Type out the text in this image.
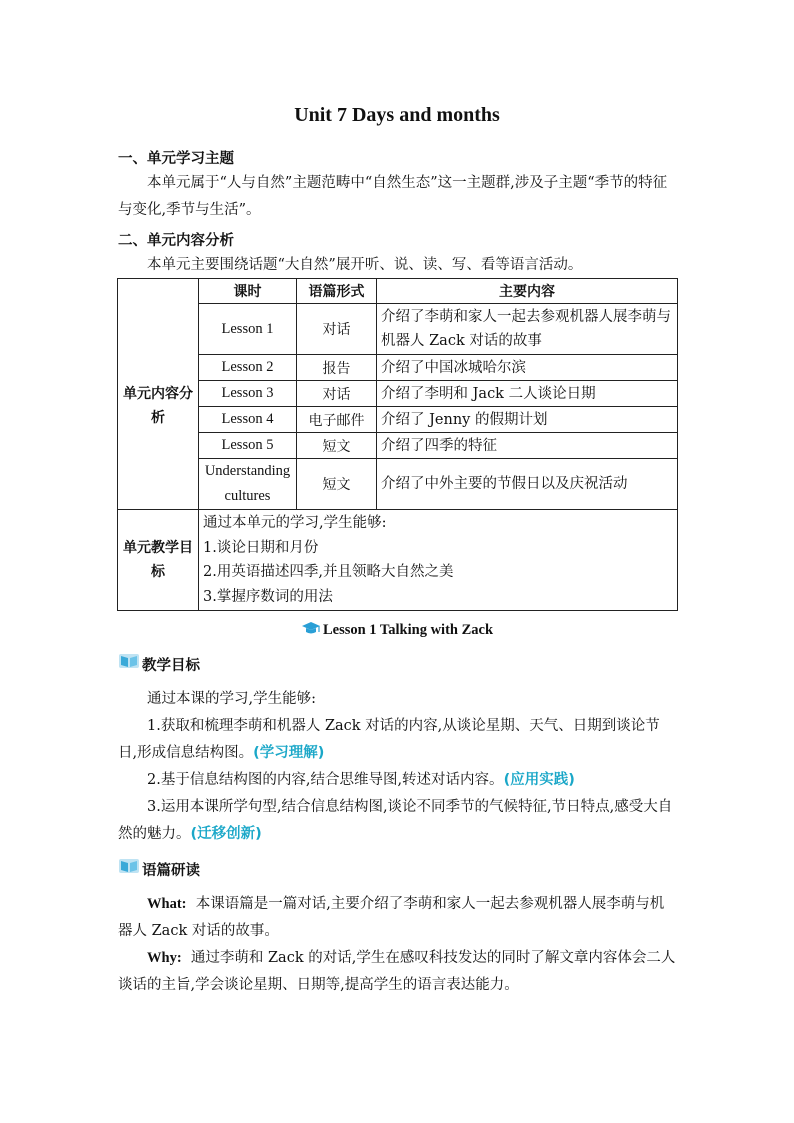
Unit 7 Days and months
一、单元学习主题

本单元属于“人与自然”主题范畴中“自然生态”这一主题群,涉及子主题“季节的特征与变化,季节与生活”。

二、单元内容分析

本单元主要围绕话题“大自然”展开听、说、读、写、看等语言活动。

	课时	语篇形式	主要内容

单元内容分析	Lesson 1	对话	介绍了李萌和家人一起去参观机器人展李萌与机器人 Zack 对话的故事
	Lesson 2	报告	介绍了中国冰城哈尔滨
	Lesson 3	对话	介绍了李明和 Jack 二人谈论日期
	Lesson 4	电子邮件	介绍了 Jenny 的假期计划
	Lesson 5	短文	介绍了四季的特征
	Understanding cultures	短文	介绍了中外主要的节假日以及庆祝活动

单元教学目标	通过本单元的学习,学生能够:
1.谈论日期和月份
2.用英语描述四季,并且领略大自然之美
3.掌握序数词的用法		
Lesson 1 Talking with Zack
教学目标

通过本课的学习,学生能够:

1.获取和梳理李萌和机器人 Zack 对话的内容,从谈论星期、天气、日期到谈论节日,形成信息结构图。(学习理解)

2.基于信息结构图的内容,结合思维导图,转述对话内容。(应用实践)

3.运用本课所学句型,结合信息结构图,谈论不同季节的气候特征,节日特点,感受大自然的魅力。(迁移创新)

语篇研读

What: 本课语篇是一篇对话,主要介绍了李萌和家人一起去参观机器人展李萌与机器人 Zack 对话的故事。

Why: 通过李萌和 Zack 的对话,学生在感叹科技发达的同时了解文章内容体会二人谈话的主旨,学会谈论星期、日期等,提高学生的语言表达能力。
